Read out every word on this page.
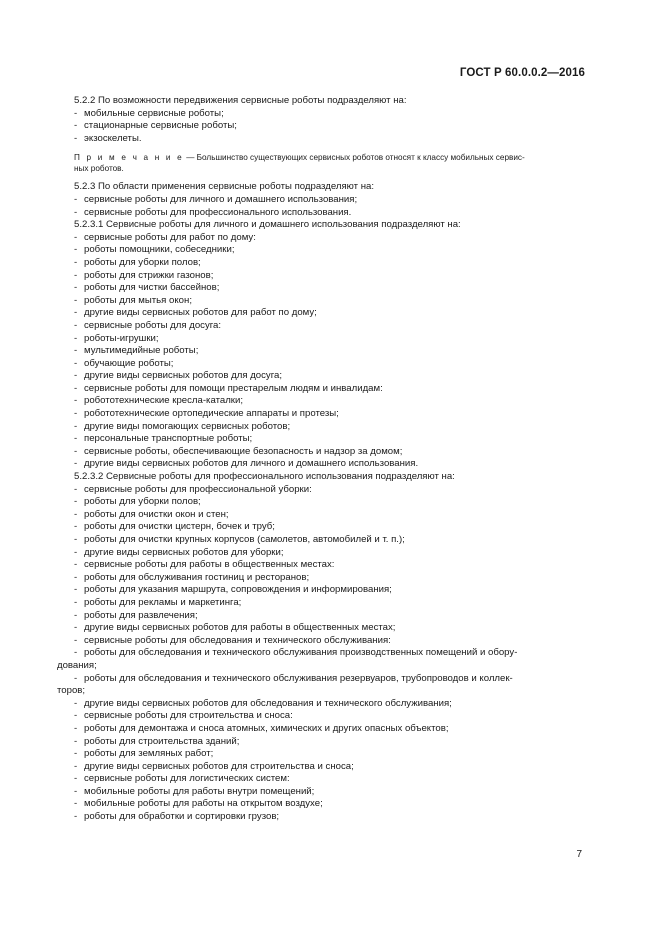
ГОСТ Р 60.0.0.2—2016
5.2.2 По возможности передвижения сервисные роботы подразделяют на:
- мобильные сервисные роботы;
- стационарные сервисные роботы;
- экзоскелеты.
П р и м е ч а н и е — Большинство существующих сервисных роботов относят к классу мобильных сервис-
ных роботов.
5.2.3 По области применения сервисные роботы подразделяют на:
- сервисные роботы для личного и домашнего использования;
- сервисные роботы для профессионального использования.
5.2.3.1 Сервисные роботы для личного и домашнего использования подразделяют на:
- сервисные роботы для работ по дому:
- роботы помощники, собеседники;
- роботы для уборки полов;
- роботы для стрижки газонов;
- роботы для чистки бассейнов;
- роботы для мытья окон;
- другие виды сервисных роботов для работ по дому;
- сервисные роботы для досуга:
- роботы-игрушки;
- мультимедийные роботы;
- обучающие роботы;
- другие виды сервисных роботов для досуга;
- сервисные роботы для помощи престарелым людям и инвалидам:
- робототехнические кресла-каталки;
- робототехнические ортопедические аппараты и протезы;
- другие виды помогающих сервисных роботов;
- персональные транспортные роботы;
- сервисные роботы, обеспечивающие безопасность и надзор за домом;
- другие виды сервисных роботов для личного и домашнего использования.
5.2.3.2 Сервисные роботы для профессионального использования подразделяют на:
- сервисные роботы для профессиональной уборки:
- роботы для уборки полов;
- роботы для очистки окон и стен;
- роботы для очистки цистерн, бочек и труб;
- роботы для очистки крупных корпусов (самолетов, автомобилей и т. п.);
- другие виды сервисных роботов для уборки;
- сервисные роботы для работы в общественных местах:
- роботы для обслуживания гостиниц и ресторанов;
- роботы для указания маршрута, сопровождения и информирования;
- роботы для рекламы и маркетинга;
- роботы для развлечения;
- другие виды сервисных роботов для работы в общественных местах;
- сервисные роботы для обследования и технического обслуживания:
- роботы для обследования и технического обслуживания производственных помещений и обору-
дования;
- роботы для обследования и технического обслуживания резервуаров, трубопроводов и коллек-
торов;
- другие виды сервисных роботов для обследования и технического обслуживания;
- сервисные роботы для строительства и сноса:
- роботы для демонтажа и сноса атомных, химических и других опасных объектов;
- роботы для строительства зданий;
- роботы для земляных работ;
- другие виды сервисных роботов для строительства и сноса;
- сервисные роботы для логистических систем:
- мобильные роботы для работы внутри помещений;
- мобильные роботы для работы на открытом воздухе;
- роботы для обработки и сортировки грузов;
7
